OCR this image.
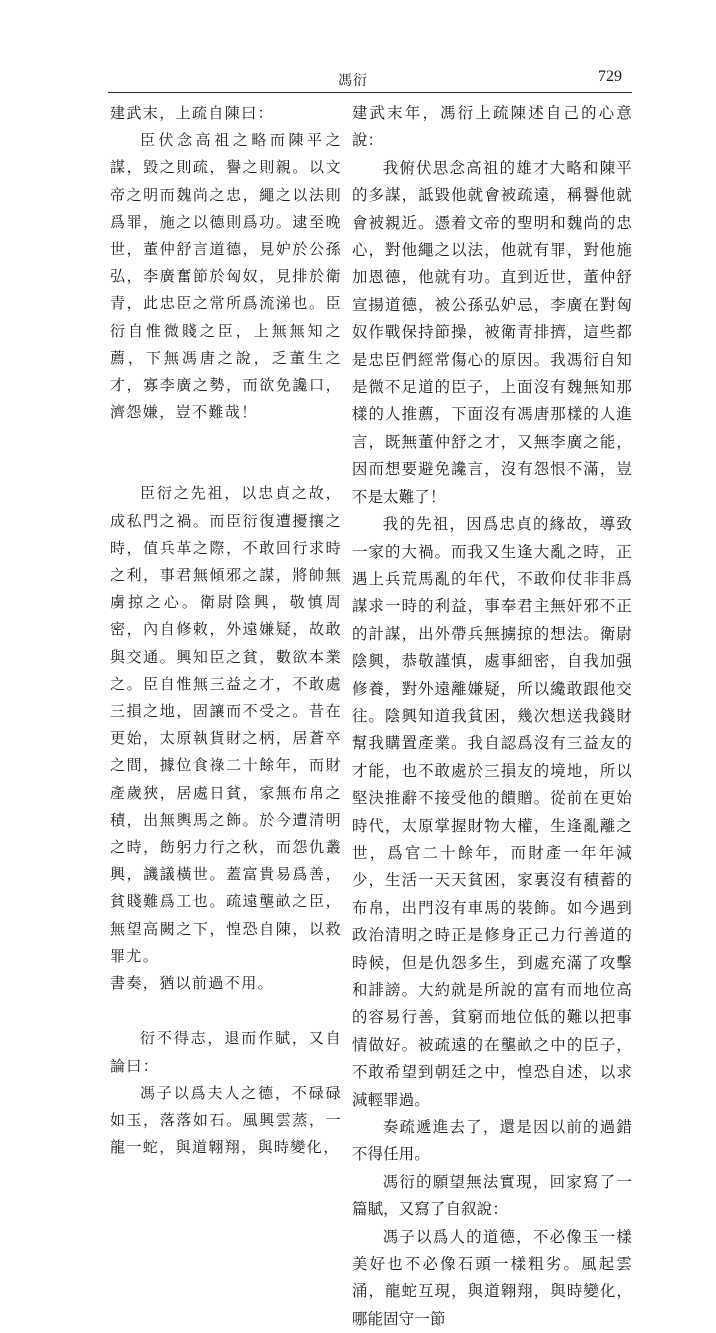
馮衍	729

建武末，上疏自陳曰：

臣伏念高祖之略而陳平之謀，毀之則疏，譽之則親。以文帝之明而魏尚之忠，繩之以法則爲罪，施之以德則爲功。逮至晚世，董仲舒言道德，見妒於公孫弘，李廣奮節於匈奴，見排於衛青，此忠臣之常所爲流涕也。臣衍自惟微賤之臣，上無無知之薦，下無馮唐之說，乏董生之才，寡李廣之勢，而欲免讒口，濟怨嫌，豈不難哉！

臣衍之先祖，以忠貞之故，成私門之禍。而臣衍復遭擾攘之時，值兵革之際，不敢回行求時之利，事君無傾邪之謀，將帥無虜掠之心。衛尉陰興，敬慎周密，內自修敕，外遠嫌疑，故敢與交通。興知臣之貧，數欲本業之。臣自惟無三益之才，不敢處三損之地，固讓而不受之。昔在更始，太原執貨財之柄，居蒼卒之間，據位食祿二十餘年，而財產歲狹，居處日貧，家無布帛之積，出無輿馬之飾。於今遭清明之時，飭躬力行之秋，而怨仇叢興，譏議橫世。蓋富貴易爲善，貧賤難爲工也。疏遠壟畝之臣，無望高闕之下，惶恐自陳，以救罪尤。

書奏，猶以前過不用。

衍不得志，退而作賦，又自論曰：

馮子以爲夫人之德，不碌碌如玉，落落如石。風興雲蒸，一龍一蛇，與道翺翔，與時變化，

建武末年，馮衍上疏陳述自己的心意說：

我俯伏思念高祖的雄才大略和陳平的多謀，詆毀他就會被疏遠，稱譽他就會被親近。憑着文帝的聖明和魏尚的忠心，對他繩之以法，他就有罪，對他施加恩德，他就有功。直到近世，董仲舒宣揚道德，被公孫弘妒忌，李廣在對匈奴作戰保持節操，被衛青排擠，這些都是忠臣們經常傷心的原因。我馮衍自知是微不足道的臣子，上面沒有魏無知那樣的人推薦，下面沒有馮唐那樣的人進言，既無董仲舒之才，又無李廣之能，因而想要避免讒言，沒有怨恨不滿，豈不是太難了！

我的先祖，因爲忠貞的緣故，導致一家的大禍。而我又生逢大亂之時，正遇上兵荒馬亂的年代，不敢仰仗非非爲謀求一時的利益，事奉君主無奸邪不正的計謀，出外帶兵無擄掠的想法。衛尉陰興，恭敬謹慎，處事細密，自我加强修養，對外遠離嫌疑，所以纔敢跟他交往。陰興知道我貧困，幾次想送我錢財幫我購置產業。我自認爲沒有三益友的才能，也不敢處於三損友的境地，所以堅決推辭不接受他的饋贈。從前在更始時代，太原掌握財物大權，生逢亂離之世，爲官二十餘年，而財產一年年減少，生活一天天貧困，家裏沒有積蓄的布帛，出門沒有車馬的裝飾。如今遇到政治清明之時正是修身正己力行善道的時候，但是仇怨多生，到處充滿了攻擊和誹謗。大約就是所說的富有而地位高的容易行善，貧窮而地位低的難以把事情做好。被疏遠的在壟畝之中的臣子，不敢希望到朝廷之中，惶恐自述，以求減輕罪過。

奏疏遞進去了，還是因以前的過錯不得任用。

馮衍的願望無法實現，回家寫了一篇賦，又寫了自叙說：

馮子以爲人的道德，不必像玉一樣美好也不必像石頭一樣粗劣。風起雲涌，龍蛇互現，與道翱翔，與時變化，哪能固守一節
